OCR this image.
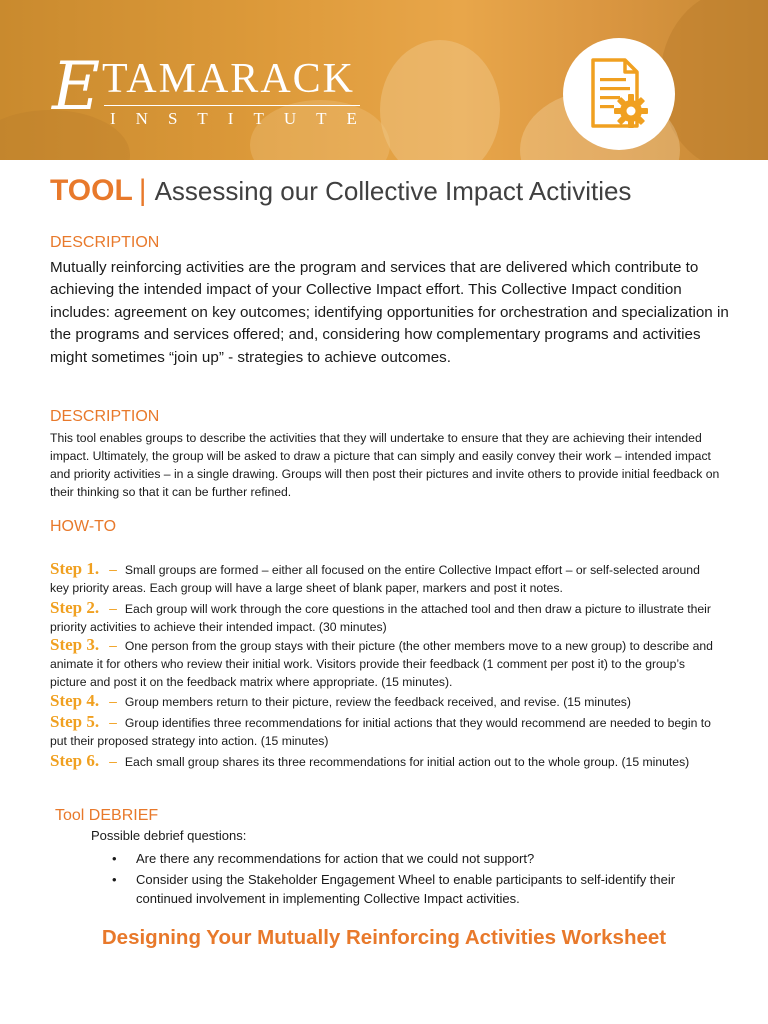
E TAMARACK
INSTITUTE
TOOL | Assessing our Collective Impact Activities
DESCRIPTION
Mutually reinforcing activities are the program and services that are delivered which contribute to achieving the intended impact of your Collective Impact effort. This Collective Impact condition includes: agreement on key outcomes; identifying opportunities for orchestration and specialization in the programs and services offered; and, considering how complementary programs and activities might sometimes “join up” - strategies to achieve outcomes.
DESCRIPTION
This tool enables groups to describe the activities that they will undertake to ensure that they are achieving their intended impact. Ultimately, the group will be asked to draw a picture that can simply and easily convey their work – intended impact and priority activities – in a single drawing. Groups will then post their pictures and invite others to provide initial feedback on their thinking so that it can be further refined.
HOW-TO
Step 1. – Small groups are formed – either all focused on the entire Collective Impact effort – or self-selected around key priority areas. Each group will have a large sheet of blank paper, markers and post it notes.
Step 2. – Each group will work through the core questions in the attached tool and then draw a picture to illustrate their priority activities to achieve their intended impact. (30 minutes)
Step 3. – One person from the group stays with their picture (the other members move to a new group) to describe and animate it for others who review their initial work. Visitors provide their feedback (1 comment per post it) to the group’s picture and post it on the feedback matrix where appropriate. (15 minutes).
Step 4. – Group members return to their picture, review the feedback received, and revise. (15 minutes)
Step 5. – Group identifies three recommendations for initial actions that they would recommend are needed to begin to put their proposed strategy into action. (15 minutes)
Step 6. – Each small group shares its three recommendations for initial action out to the whole group. (15 minutes)
Tool DEBRIEF
Possible debrief questions:
• Are there any recommendations for action that we could not support?
• Consider using the Stakeholder Engagement Wheel to enable participants to self-identify their continued involvement in implementing Collective Impact activities.
Designing Your Mutually Reinforcing Activities Worksheet
